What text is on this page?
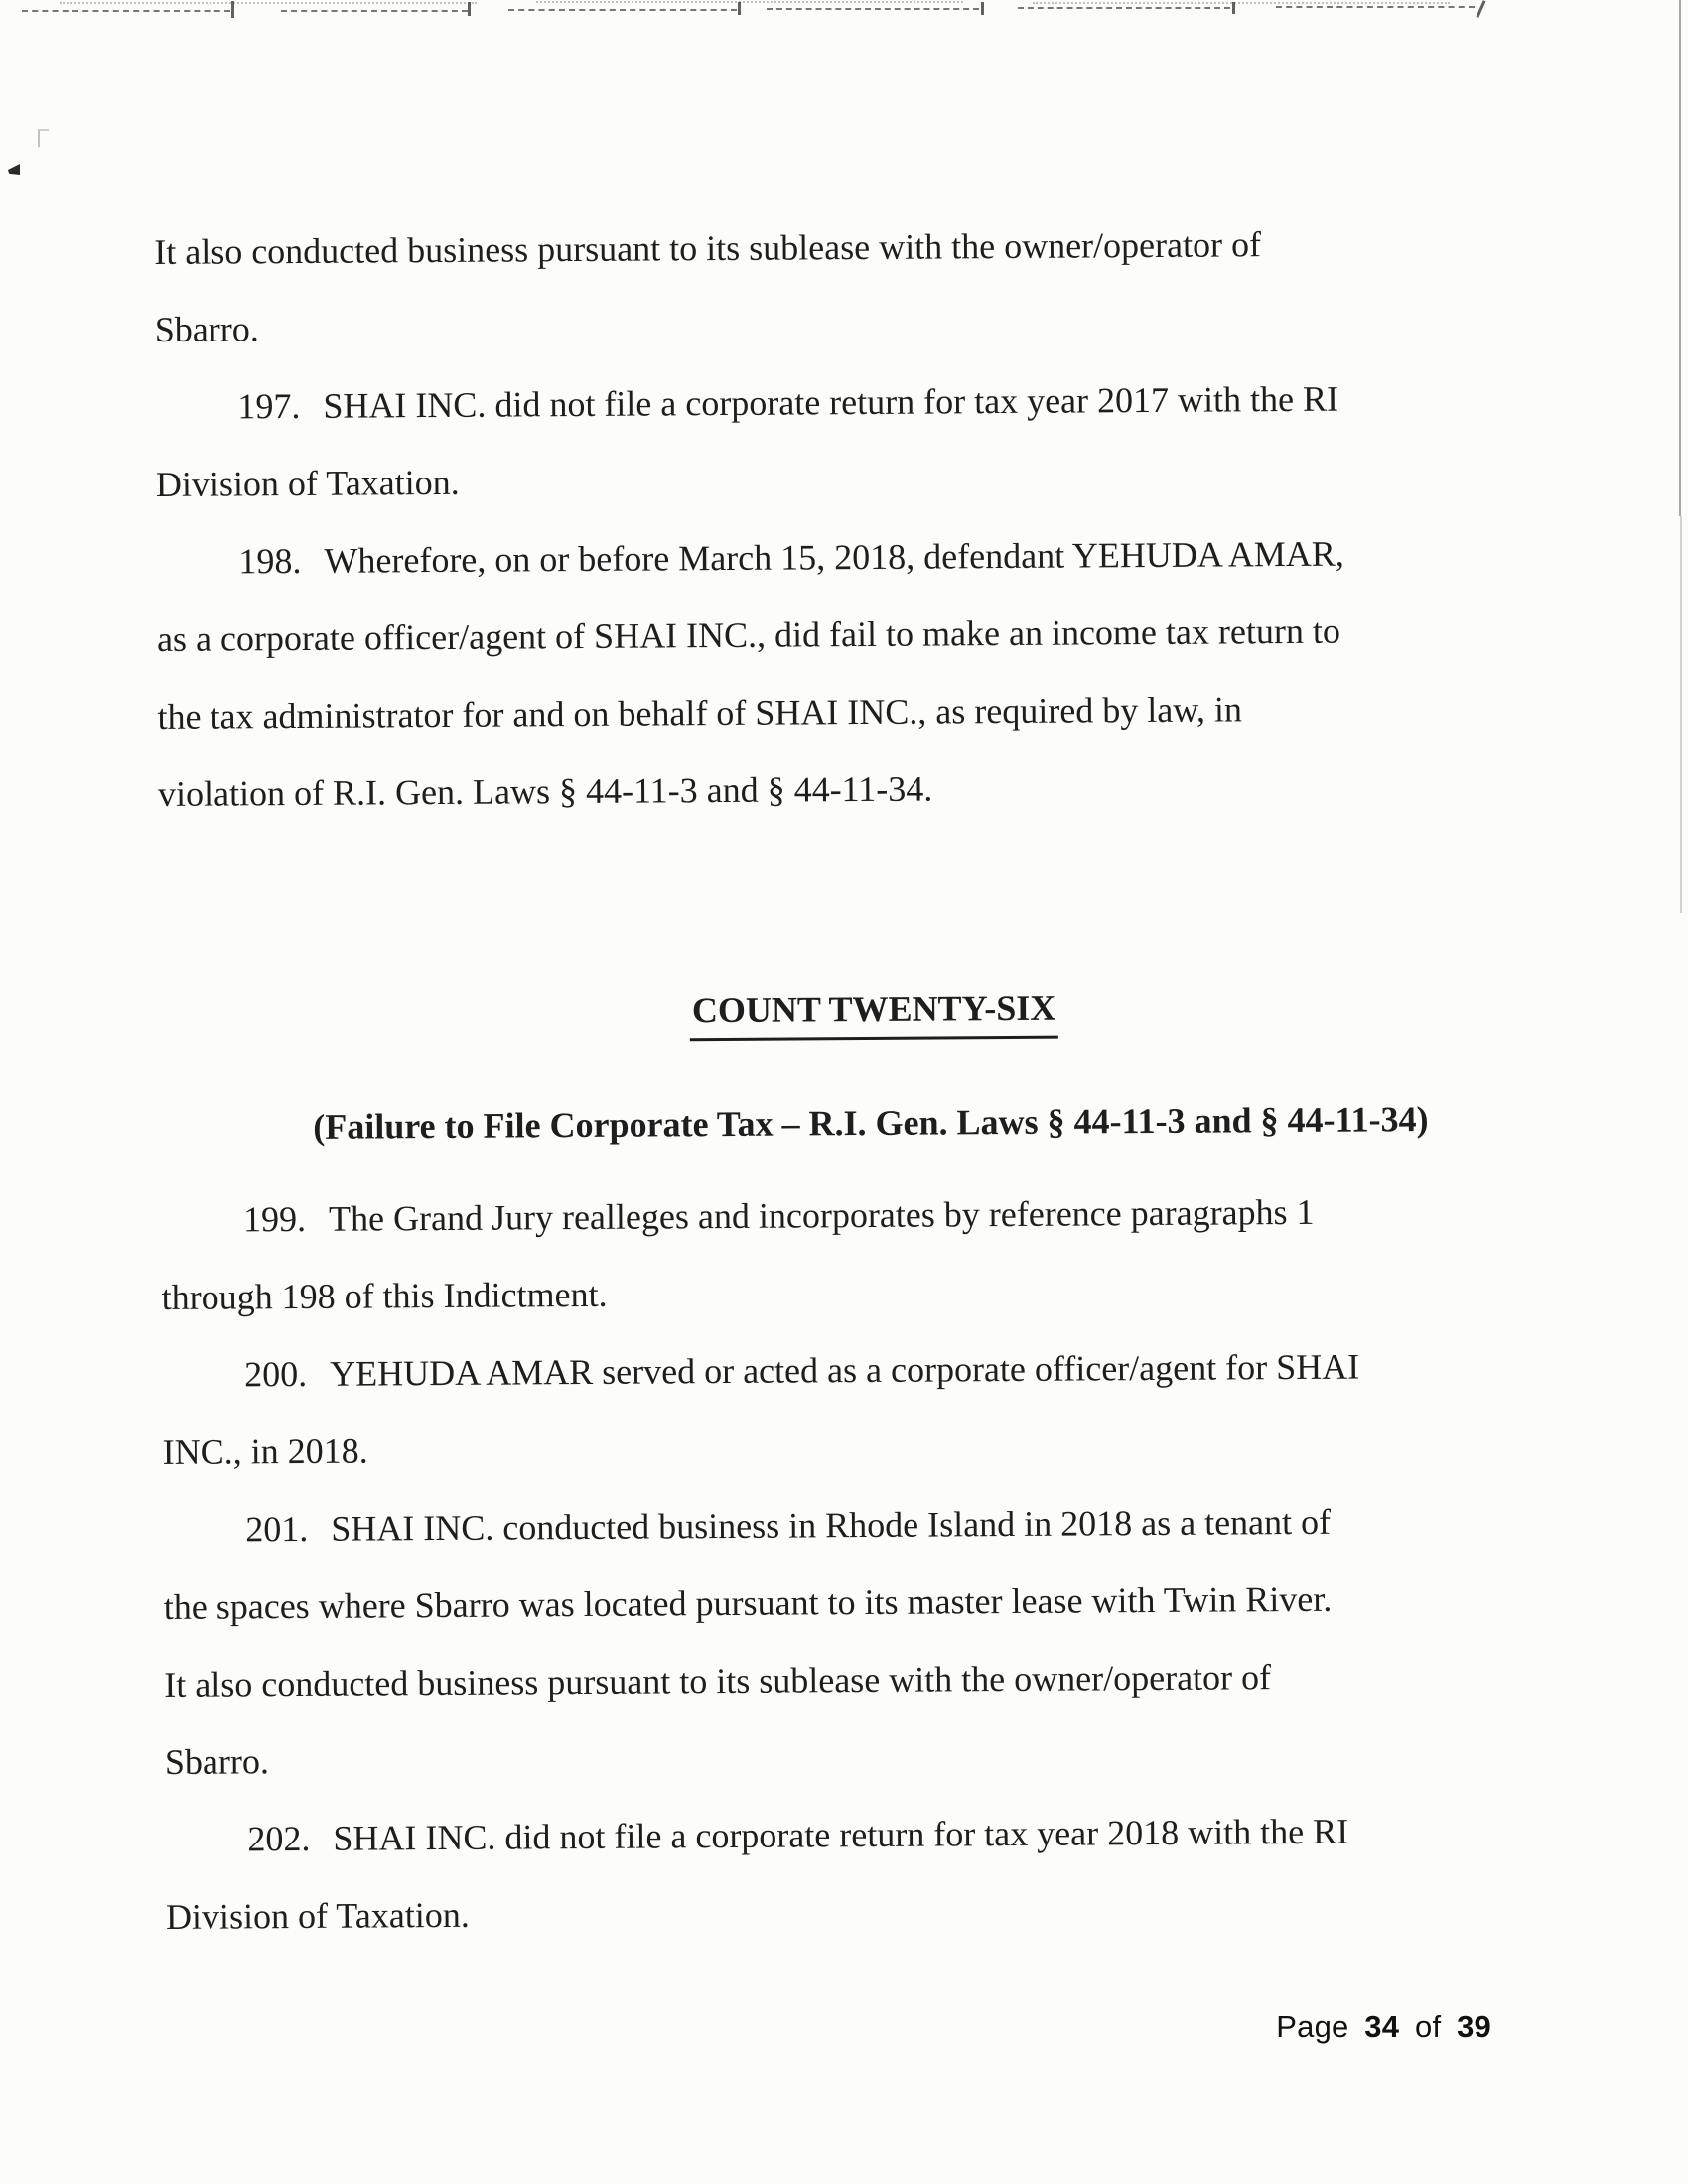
It also conducted business pursuant to its sublease with the owner/operator of
Sbarro.
197. SHAI INC. did not file a corporate return for tax year 2017 with the RI
Division of Taxation.
198. Wherefore, on or before March 15, 2018, defendant YEHUDA AMAR,
as a corporate officer/agent of SHAI INC., did fail to make an income tax return to
the tax administrator for and on behalf of SHAI INC., as required by law, in
violation of R.I. Gen. Laws § 44-11-3 and § 44-11-34.
COUNT TWENTY-SIX
(Failure to File Corporate Tax – R.I. Gen. Laws § 44-11-3 and § 44-11-34)
199. The Grand Jury realleges and incorporates by reference paragraphs 1
through 198 of this Indictment.
200. YEHUDA AMAR served or acted as a corporate officer/agent for SHAI
INC., in 2018.
201. SHAI INC. conducted business in Rhode Island in 2018 as a tenant of
the spaces where Sbarro was located pursuant to its master lease with Twin River.
It also conducted business pursuant to its sublease with the owner/operator of
Sbarro.
202. SHAI INC. did not file a corporate return for tax year 2018 with the RI
Division of Taxation.
Page 34 of 39
